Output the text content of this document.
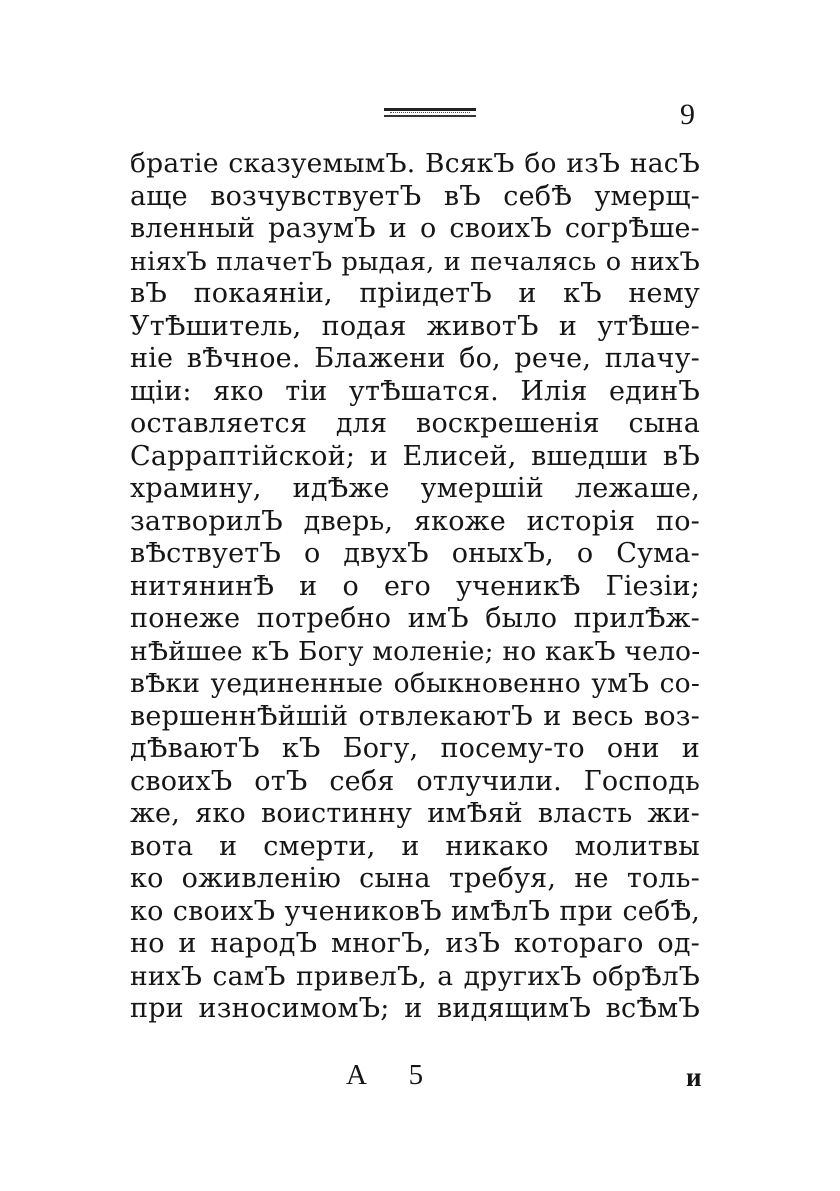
9
братiе сказуемымЪ. ВсякЪ бо изЪ насЪ
аще возчувствуетЪ вЪ себѢ умерщ-
вленный разумЪ и о своихЪ согрѢше-
нiяхЪ плачетЪ рыдая, и печалясь о нихЪ
вЪ покаянiи, прiидетЪ и кЪ нему
УтѢшитель, подая животЪ и утѢше-
нiе вѢчное. Блажени бо, рече, плачу-
щiи: яко тiи утѢшатся. Илiя единЪ
оставляется для воскрешенiя сына
Сарраптiйской; и Елисей, вшедши вЪ
храмину, идѢже умершiй лежаше,
затворилЪ дверь, якоже исторiя по-
вѢствуетЪ о двухЪ оныхЪ, о Сума-
нитянинѢ и о его ученикѢ Гiезiи;
понеже потребно имЪ было прилѢж-
нѢйшее кЪ Богу моленiе; но какЪ чело-
вѢки уединенные обыкновенно умЪ со-
вершеннѢйшiй отвлекаютЪ и весь воз-
дѢваютЪ кЪ Богу, посему-то они и
своихЪ отЪ себя отлучили. Господь
же, яко воистинну имѢяй власть жи-
вота и смерти, и никако молитвы
ко оживленiю сына требуя, не толь-
ко своихЪ учениковЪ имѢлЪ при себѢ,
но и народЪ многЪ, изЪ котораго од-
нихЪ самЪ привелЪ, а другихЪ обрѢлЪ
при износимомЪ; и видящимЪ всѢмЪ
A 5	и
